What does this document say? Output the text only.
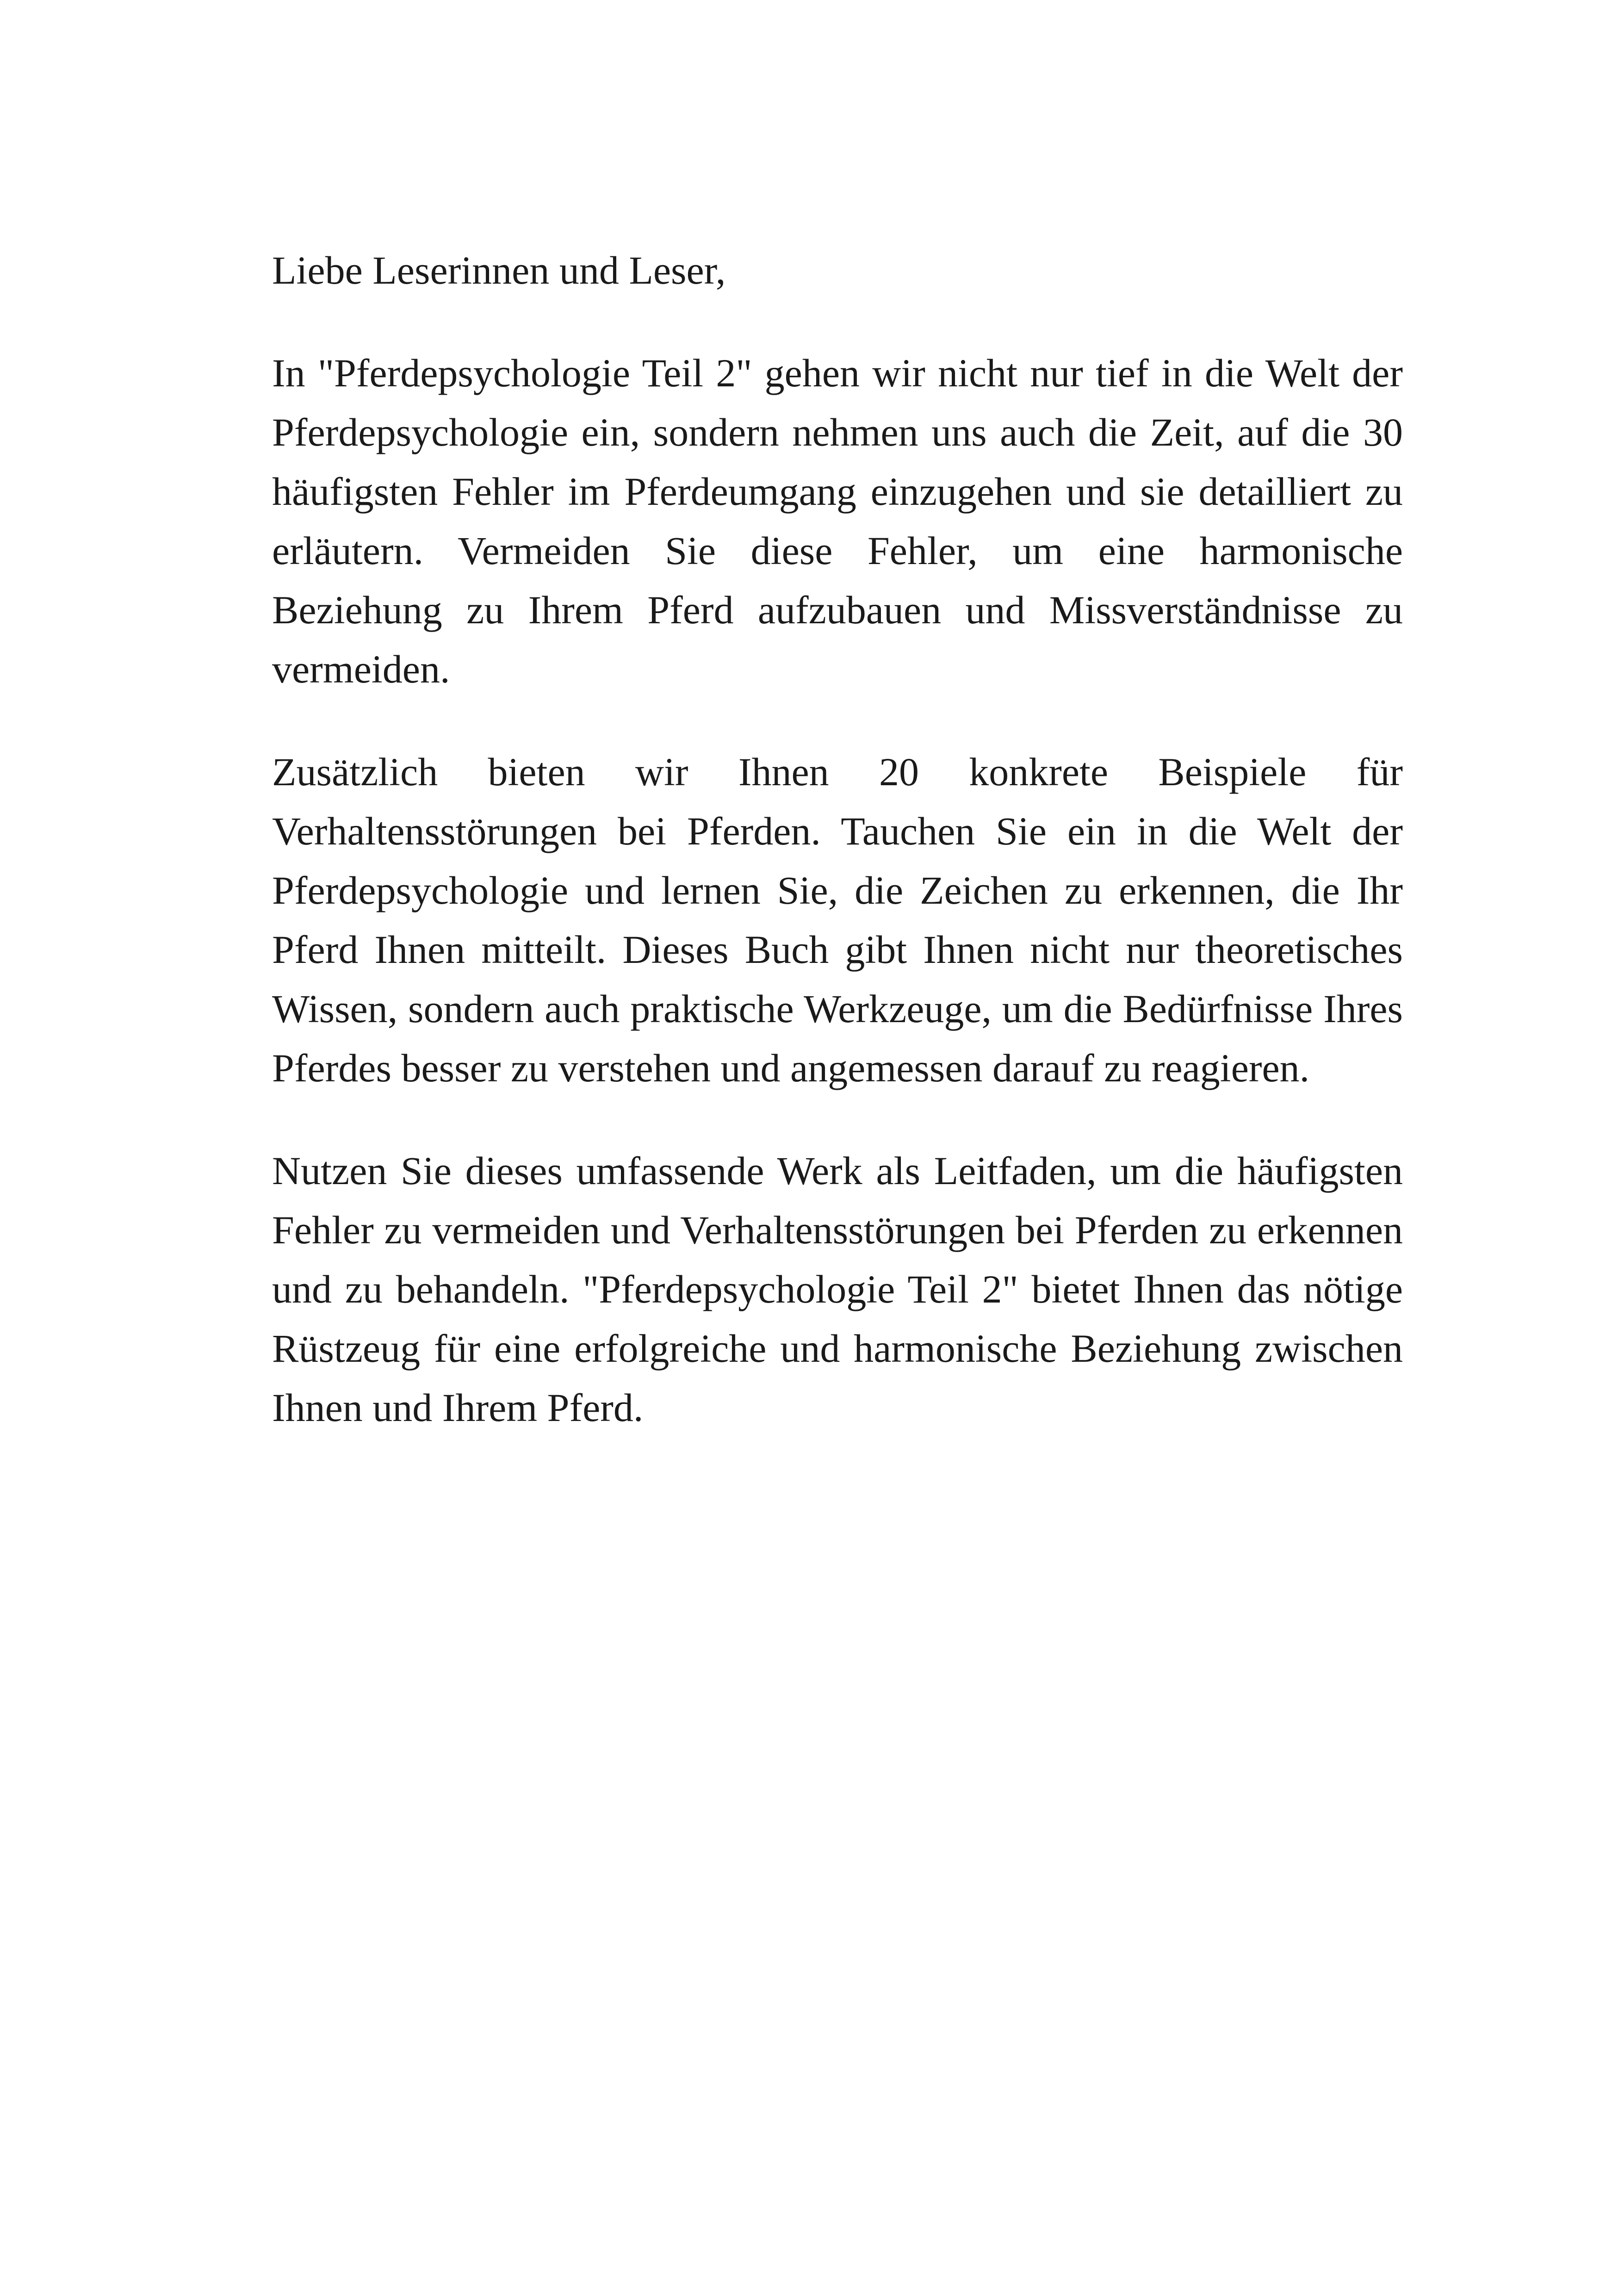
Liebe Leserinnen und Leser,

In "Pferdepsychologie Teil 2" gehen wir nicht nur tief in die Welt der Pferdepsychologie ein, sondern nehmen uns auch die Zeit, auf die 30 häufigsten Fehler im Pferdeumgang einzugehen und sie detailliert zu erläutern. Vermeiden Sie diese Fehler, um eine harmonische Beziehung zu Ihrem Pferd aufzubauen und Missverständnisse zu vermeiden.

Zusätzlich bieten wir Ihnen 20 konkrete Beispiele für Verhaltensstörungen bei Pferden. Tauchen Sie ein in die Welt der Pferdepsychologie und lernen Sie, die Zeichen zu erkennen, die Ihr Pferd Ihnen mitteilt. Dieses Buch gibt Ihnen nicht nur theoretisches Wissen, sondern auch praktische Werkzeuge, um die Bedürfnisse Ihres Pferdes besser zu verstehen und angemessen darauf zu reagieren.

Nutzen Sie dieses umfassende Werk als Leitfaden, um die häufigsten Fehler zu vermeiden und Verhaltensstörungen bei Pferden zu erkennen und zu behandeln. "Pferdepsychologie Teil 2" bietet Ihnen das nötige Rüstzeug für eine erfolgreiche und harmonische Beziehung zwischen Ihnen und Ihrem Pferd.
